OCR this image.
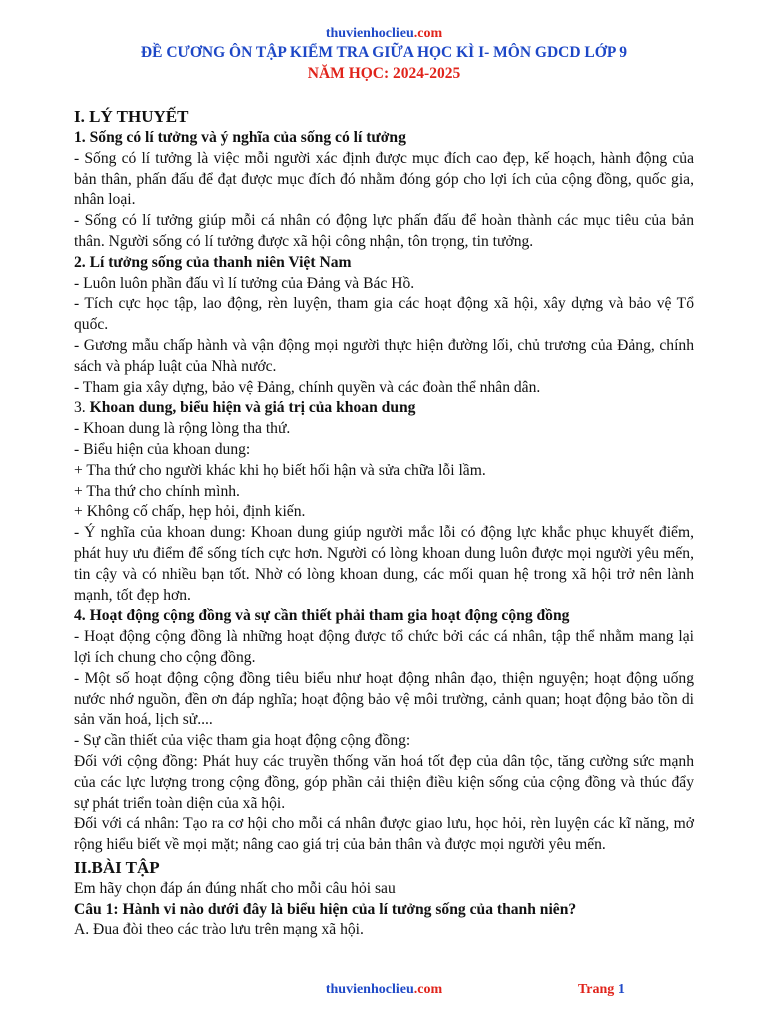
thuvienhoclieu.com
ĐỀ CƯƠNG ÔN TẬP KIỂM TRA GIỮA HỌC KÌ I- MÔN GDCD LỚP 9
NĂM HỌC: 2024-2025

I. LÝ THUYẾT

1. Sống có lí tưởng và ý nghĩa của sống có lí tưởng

- Sống có lí tưởng là việc mỗi người xác định được mục đích cao đẹp, kế hoạch, hành động của bản thân, phấn đấu để đạt được mục đích đó nhằm đóng góp cho lợi ích của cộng đồng, quốc gia, nhân loại.

- Sống có lí tưởng giúp mỗi cá nhân có động lực phấn đấu để hoàn thành các mục tiêu của bản thân. Người sống có lí tưởng được xã hội công nhận, tôn trọng, tin tưởng.

2. Lí tưởng sống của thanh niên Việt Nam

- Luôn luôn phần đấu vì lí tưởng của Đảng và Bác Hồ.

- Tích cực học tập, lao động, rèn luyện, tham gia các hoạt động xã hội, xây dựng và bảo vệ Tổ quốc.

- Gương mẫu chấp hành và vận động mọi người thực hiện đường lối, chủ trương của Đảng, chính sách và pháp luật của Nhà nước.

- Tham gia xây dựng, bảo vệ Đảng, chính quyền và các đoàn thể nhân dân.

3. Khoan dung, biểu hiện và giá trị của khoan dung

- Khoan dung là rộng lòng tha thứ.

- Biểu hiện của khoan dung:

+ Tha thứ cho người khác khi họ biết hối hận và sửa chữa lỗi lầm.

+ Tha thứ cho chính mình.

+ Không cố chấp, hẹp hỏi, định kiến.

- Ý nghĩa của khoan dung: Khoan dung giúp người mắc lỗi có động lực khắc phục khuyết điểm, phát huy ưu điểm để sống tích cực hơn. Người có lòng khoan dung luôn được mọi người yêu mến, tin cậy và có nhiều bạn tốt. Nhờ có lòng khoan dung, các mối quan hệ trong xã hội trở nên lành mạnh, tốt đẹp hơn.

4. Hoạt động cộng đồng và sự cần thiết phải tham gia hoạt động cộng đồng

- Hoạt động cộng đồng là những hoạt động được tổ chức bởi các cá nhân, tập thể nhằm mang lại lợi ích chung cho cộng đồng.

- Một số hoạt động cộng đồng tiêu biểu như hoạt động nhân đạo, thiện nguyện; hoạt động uống nước nhớ nguồn, đền ơn đáp nghĩa; hoạt động bảo vệ môi trường, cảnh quan; hoạt động bảo tồn di sản văn hoá, lịch sử....

- Sự cần thiết của việc tham gia hoạt động cộng đồng:

Đối với cộng đồng: Phát huy các truyền thống văn hoá tốt đẹp của dân tộc, tăng cường sức mạnh của các lực lượng trong cộng đồng, góp phần cải thiện điều kiện sống của cộng đồng và thúc đẩy sự phát triển toàn diện của xã hội.

Đối với cá nhân: Tạo ra cơ hội cho mỗi cá nhân được giao lưu, học hỏi, rèn luyện các kĩ năng, mở rộng hiểu biết về mọi mặt; nâng cao giá trị của bản thân và được mọi người yêu mến.

II.BÀI TẬP

Em hãy chọn đáp án đúng nhất cho mỗi câu hỏi sau

Câu 1: Hành vi nào dưới đây là biểu hiện của lí tưởng sống của thanh niên?

A. Đua đòi theo các trào lưu trên mạng xã hội.

thuvienhoclieu.com	Trang 1
